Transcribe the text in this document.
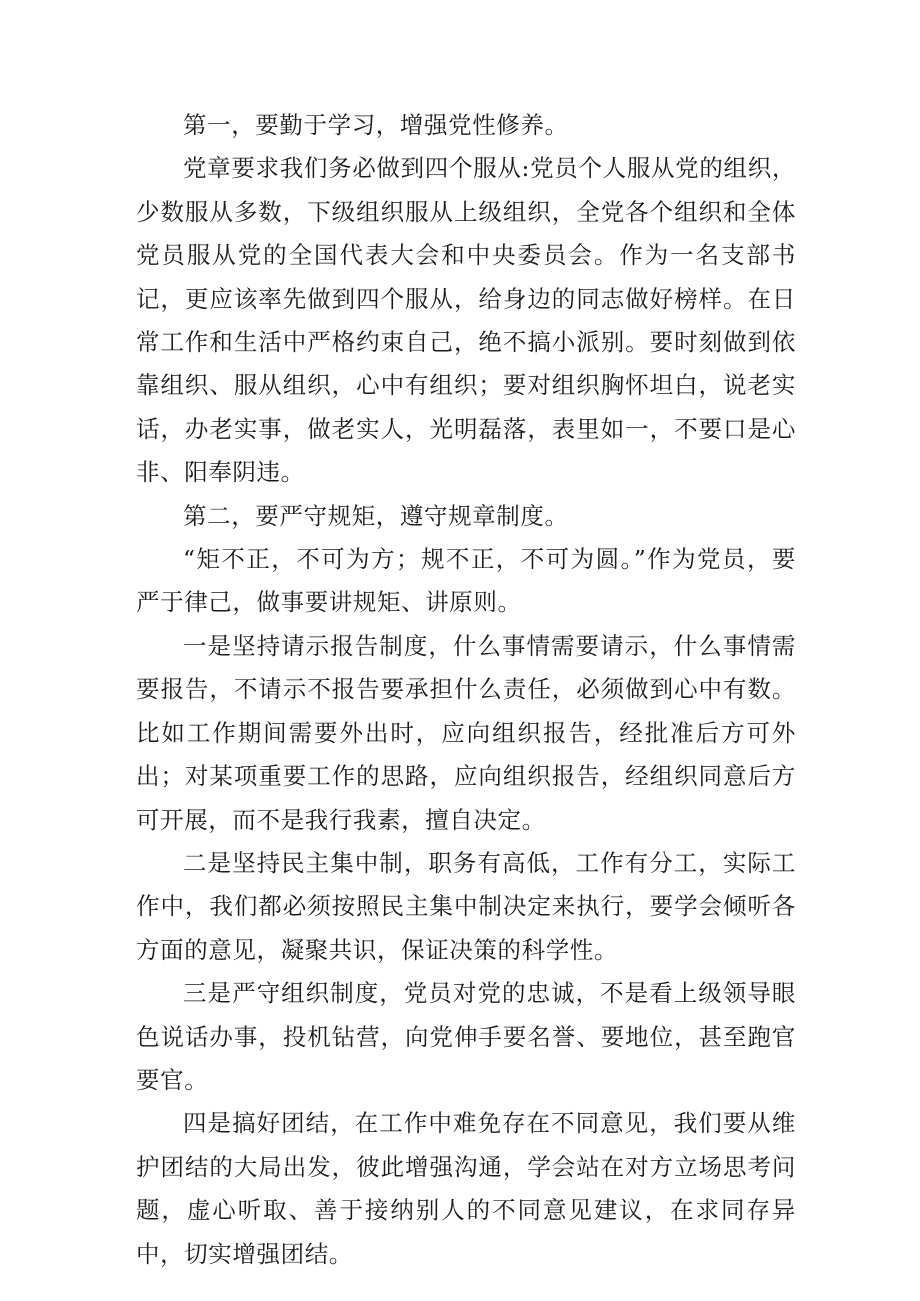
第一，要勤于学习，增强党性修养。

党章要求我们务必做到四个服从:党员个人服从党的组织，少数服从多数，下级组织服从上级组织，全党各个组织和全体党员服从党的全国代表大会和中央委员会。作为一名支部书记，更应该率先做到四个服从，给身边的同志做好榜样。在日常工作和生活中严格约束自己，绝不搞小派别。要时刻做到依靠组织、服从组织，心中有组织；要对组织胸怀坦白，说老实话，办老实事，做老实人，光明磊落，表里如一，不要口是心非、阳奉阴违。

第二，要严守规矩，遵守规章制度。

“矩不正，不可为方；规不正，不可为圆。”作为党员，要严于律己，做事要讲规矩、讲原则。

一是坚持请示报告制度，什么事情需要请示，什么事情需要报告，不请示不报告要承担什么责任，必须做到心中有数。比如工作期间需要外出时，应向组织报告，经批准后方可外出；对某项重要工作的思路，应向组织报告，经组织同意后方可开展，而不是我行我素，擅自决定。

二是坚持民主集中制，职务有高低，工作有分工，实际工作中，我们都必须按照民主集中制决定来执行，要学会倾听各方面的意见，凝聚共识，保证决策的科学性。

三是严守组织制度，党员对党的忠诚，不是看上级领导眼色说话办事，投机钻营，向党伸手要名誉、要地位，甚至跑官要官。

四是搞好团结，在工作中难免存在不同意见，我们要从维护团结的大局出发，彼此增强沟通，学会站在对方立场思考问题，虚心听取、善于接纳别人的不同意见建议，在求同存异中，切实增强团结。
